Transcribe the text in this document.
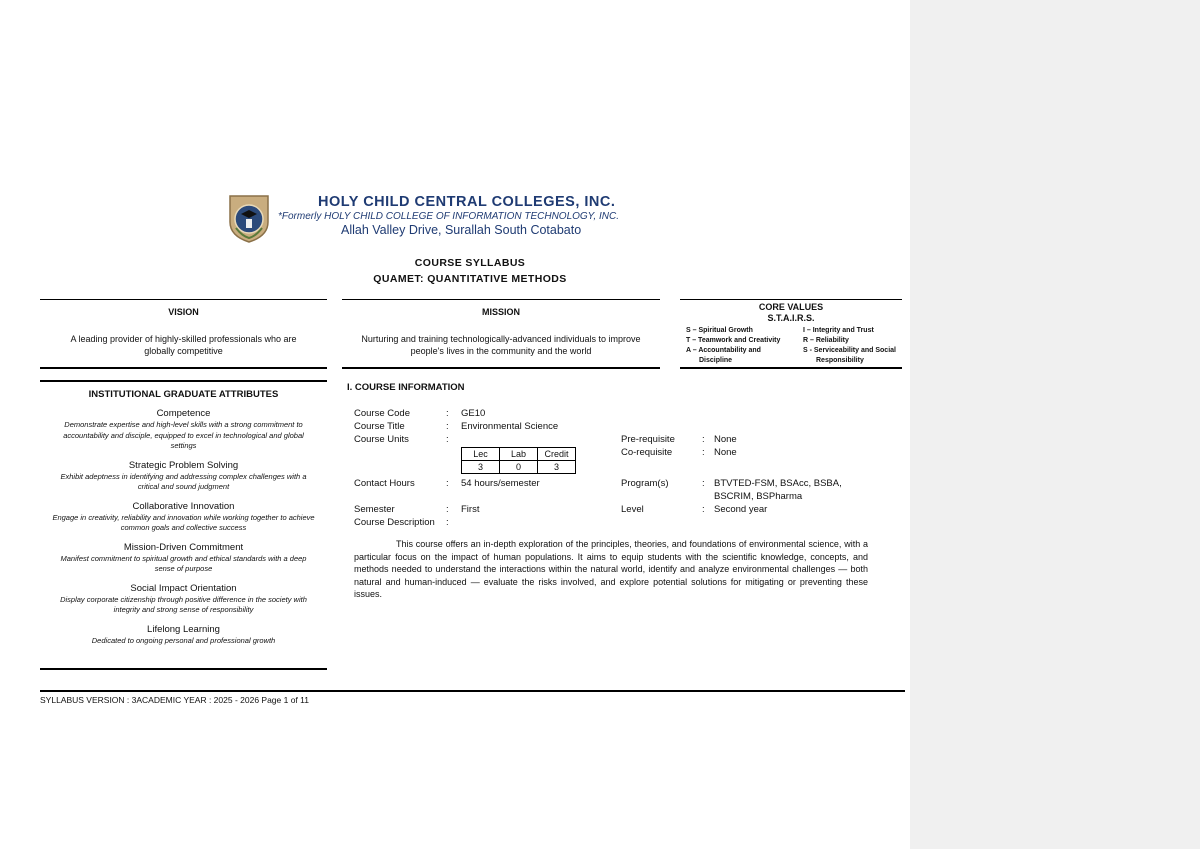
HOLY CHILD CENTRAL COLLEGES, INC.
*Formerly HOLY CHILD COLLEGE OF INFORMATION TECHNOLOGY, INC.
Allah Valley Drive, Surallah South Cotabato
COURSE SYLLABUS
QUAMET: QUANTITATIVE METHODS
VISION
A leading provider of highly-skilled professionals who are globally competitive
MISSION
Nurturing and training technologically-advanced individuals to improve people's lives in the community and the world
CORE VALUES
S.T.A.I.R.S.
S – Spiritual Growth	I – Integrity and Trust
T – Teamwork and Creativity	R – Reliability
A – Accountability and	S - Serviceability and Social
Discipline	Responsibility
INSTITUTIONAL GRADUATE ATTRIBUTES
Competence
Demonstrate expertise and high-level skills with a strong commitment to accountability and disciple, equipped to excel in technological and global settings
Strategic Problem Solving
Exhibit adeptness in identifying and addressing complex challenges with a critical and sound judgment
Collaborative Innovation
Engage in creativity, reliability and innovation while working together to achieve common goals and collective success
Mission-Driven Commitment
Manifest commitment to spiritual growth and ethical standards with a deep sense of purpose
Social Impact Orientation
Display corporate citizenship through positive difference in the society with integrity and strong sense of responsibility
Lifelong Learning
Dedicated to ongoing personal and professional growth
I. COURSE INFORMATION
Course Code	: GE10
Course Title	: Environmental Science
Course Units	:
Lec	Lab	Credit
3	0	3
Pre-requisite	: None
Co-requisite	: None
Contact Hours	: 54 hours/semester	Program(s)	: BTVTED-FSM, BSAcc, BSBA,
BSCRIM, BSPharma
Semester	: First	Level	: Second year
Course Description :
This course offers an in-depth exploration of the principles, theories, and foundations of environmental science, with a particular focus on the impact of human populations. It aims to equip students with the scientific knowledge, concepts, and methods needed to understand the interactions within the natural world, identify and analyze environmental challenges — both natural and human-induced — evaluate the risks involved, and explore potential solutions for mitigating or preventing these issues.
SYLLABUS VERSION : 3ACADEMIC YEAR : 2025 - 2026 Page 1 of 11
